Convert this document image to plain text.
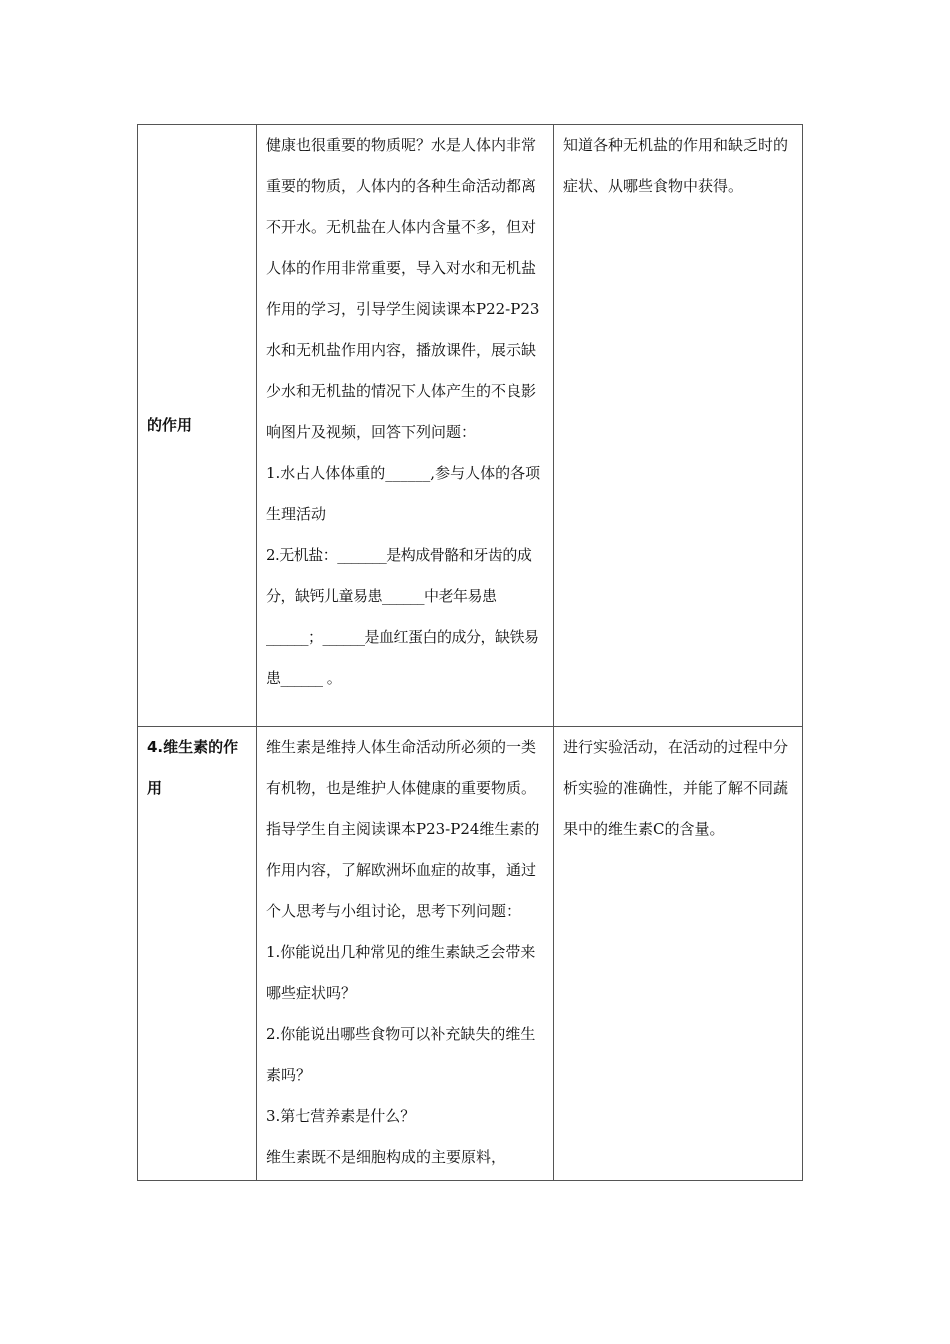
的作用	健康也很重要的物质呢？水是人体内非常重要的物质，人体内的各种生命活动都离不开水。无机盐在人体内含量不多，但对人体的作用非常重要，导入对水和无机盐作用的学习，引导学生阅读课本P22-P23水和无机盐作用内容，播放课件，展示缺少水和无机盐的情况下人体产生的不良影响图片及视频，回答下列问题：
1.水占人体体重的______,参与人体的各项生理活动
2.无机盐：_______是构成骨骼和牙齿的成分，缺钙儿童易患______中老年易患______；______是血红蛋白的成分，缺铁易患______ 。	知道各种无机盐的作用和缺乏时的症状、从哪些食物中获得。

4.维生素的作用	维生素是维持人体生命活动所必须的一类有机物，也是维护人体健康的重要物质。指导学生自主阅读课本P23-P24维生素的作用内容，了解欧洲坏血症的故事，通过个人思考与小组讨论，思考下列问题：
1.你能说出几种常见的维生素缺乏会带来哪些症状吗？
2.你能说出哪些食物可以补充缺失的维生素吗？
3.第七营养素是什么？
维生素既不是细胞构成的主要原料，	进行实验活动，在活动的过程中分析实验的准确性，并能了解不同蔬果中的维生素C的含量。
